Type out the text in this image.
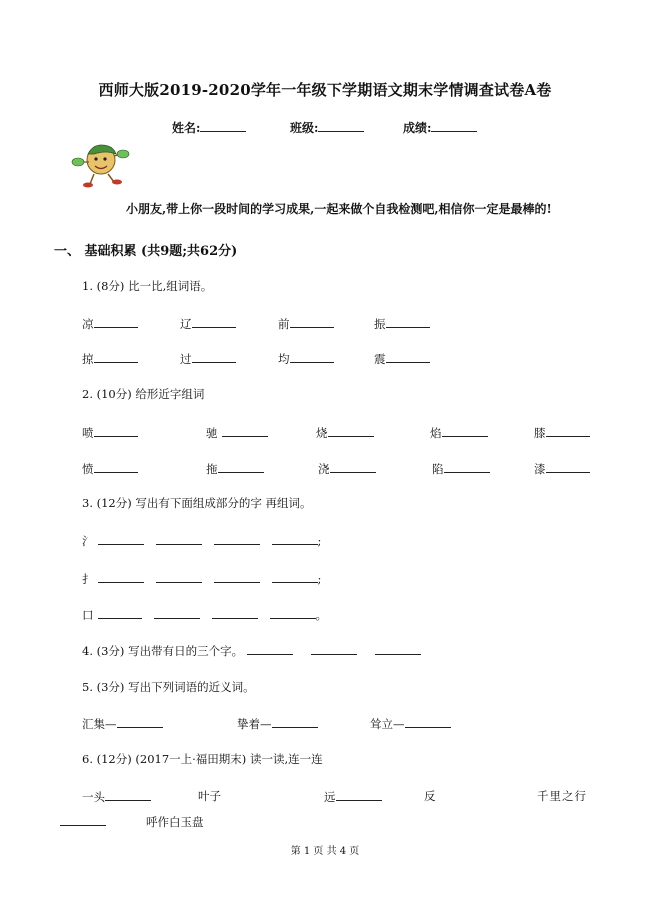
西师大版2019-2020学年一年级下学期语文期末学情调查试卷A卷
姓名:	班级:	成绩:
小朋友,带上你一段时间的学习成果,一起来做个自我检测吧,相信你一定是最棒的!
一、 基础积累 (共9题;共62分)
1. (8分) 比一比,组词语。
凉	辽	前	振
掠	过	均	震
2. (10分) 给形近字组词
喷	驰	烧	焰	膝
愤	拖	浇	陷	漆
3. (12分) 写出有下面组成部分的字 再组词。
氵	;
扌	;
口	。
4. (3分) 写出带有日的三个字。
5. (3分) 写出下列词语的近义词。
汇集—	挚着—	耸立—
6. (12分) (2017一上·福田期末) 读一读,连一连
一头	叶子	远	反	千里之行
呼作白玉盘
第 1 页 共 4 页
